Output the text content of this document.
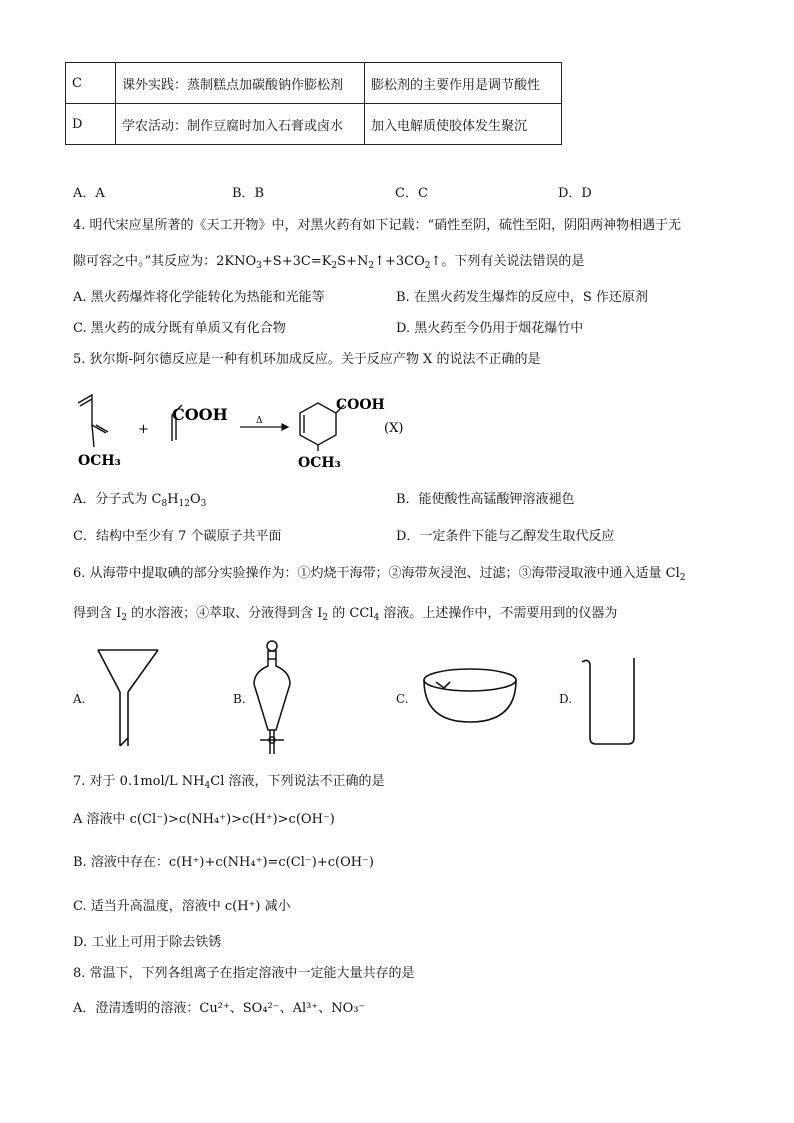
C	课外实践：蒸制糕点加碳酸钠作膨松剂	膨松剂的主要作用是调节酸性
D	学农活动：制作豆腐时加入石膏或卤水	加入电解质使胶体发生聚沉
A．A	B．B	C．C	D．D
4. 明代宋应星所著的《天工开物》中，对黑火药有如下记载：“硝性至阴，硫性至阳，阴阳两神物相遇于无
隙可容之中。”其反应为：$2KNO_3+S+3C=K_2S+N_2↑+3CO_2↑$。下列有关说法错误的是
A. 黑火药爆炸将化学能转化为热能和光能等	B. 在黑火药发生爆炸的反应中，S 作还原剂
C. 黑火药的成分既有单质又有化合物	D. 黑火药至今仍用于烟花爆竹中
5. 狄尔斯-阿尔德反应是一种有机环加成反应。关于反应产物 X 的说法不正确的是
OCH₃
+
COOH	Δ
COOH
OCH₃
(X)
A．分子式为 $C_8H_{12}O_3$	B．能使酸性高锰酸钾溶液褪色
C．结构中至少有 7 个碳原子共平面	D．一定条件下能与乙醇发生取代反应
6. 从海带中提取碘的部分实验操作为：①灼烧干海带；②海带灰浸泡、过滤；③海带浸取液中通入适量 $Cl_2$
得到含 $I_2$ 的水溶液；④萃取、分液得到含 $I_2$ 的 CCl$_4$ 溶液。上述操作中，不需要用到的仪器为
A.	B.	C.	D.
7. 对于 0.1mol/L $NH_4Cl$ 溶液，下列说法不正确的是
A 溶液中 c(Cl⁻)>c(NH₄⁺)>c(H⁺)>c(OH⁻)
B. 溶液中存在：c(H⁺)+c(NH₄⁺)=c(Cl⁻)+c(OH⁻)
C. 适当升高温度，溶液中 c(H⁺) 减小
D. 工业上可用于除去铁锈
8. 常温下，下列各组离子在指定溶液中一定能大量共存的是
A．澄清透明的溶液：Cu²⁺、SO₄²⁻、Al³⁺、NO₃⁻
